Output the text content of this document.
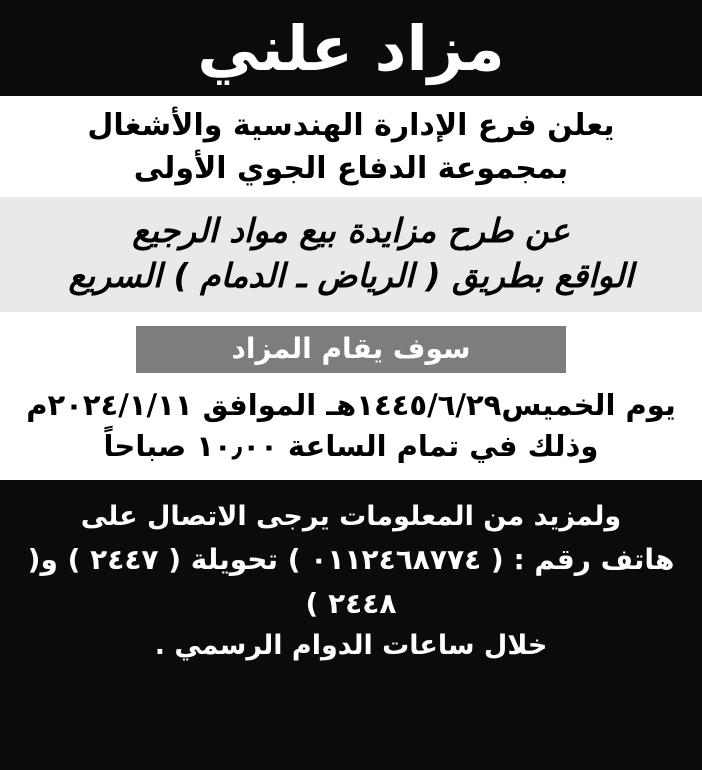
مزاد علني
يعلن فرع الإدارة الهندسية والأشغال
بمجموعة الدفاع الجوي الأولى
عن طرح مزايدة بيع مواد الرجيع
الواقع بطريق ( الرياض ـ الدمام ) السريع
سوف يقام المزاد
يوم الخميس١٤٤٥/٦/٢٩هـ الموافق ٢٠٢٤/١/١١م
وذلك في تمام الساعة ١٠٫٠٠ صباحاً
ولمزيد من المعلومات يرجى الاتصال على
هاتف رقم : ( ٠١١٢٤٦٨٧٧٤ ) تحويلة ( ٢٤٤٧ ) و( ٢٤٤٨ )
خلال ساعات الدوام الرسمي .
